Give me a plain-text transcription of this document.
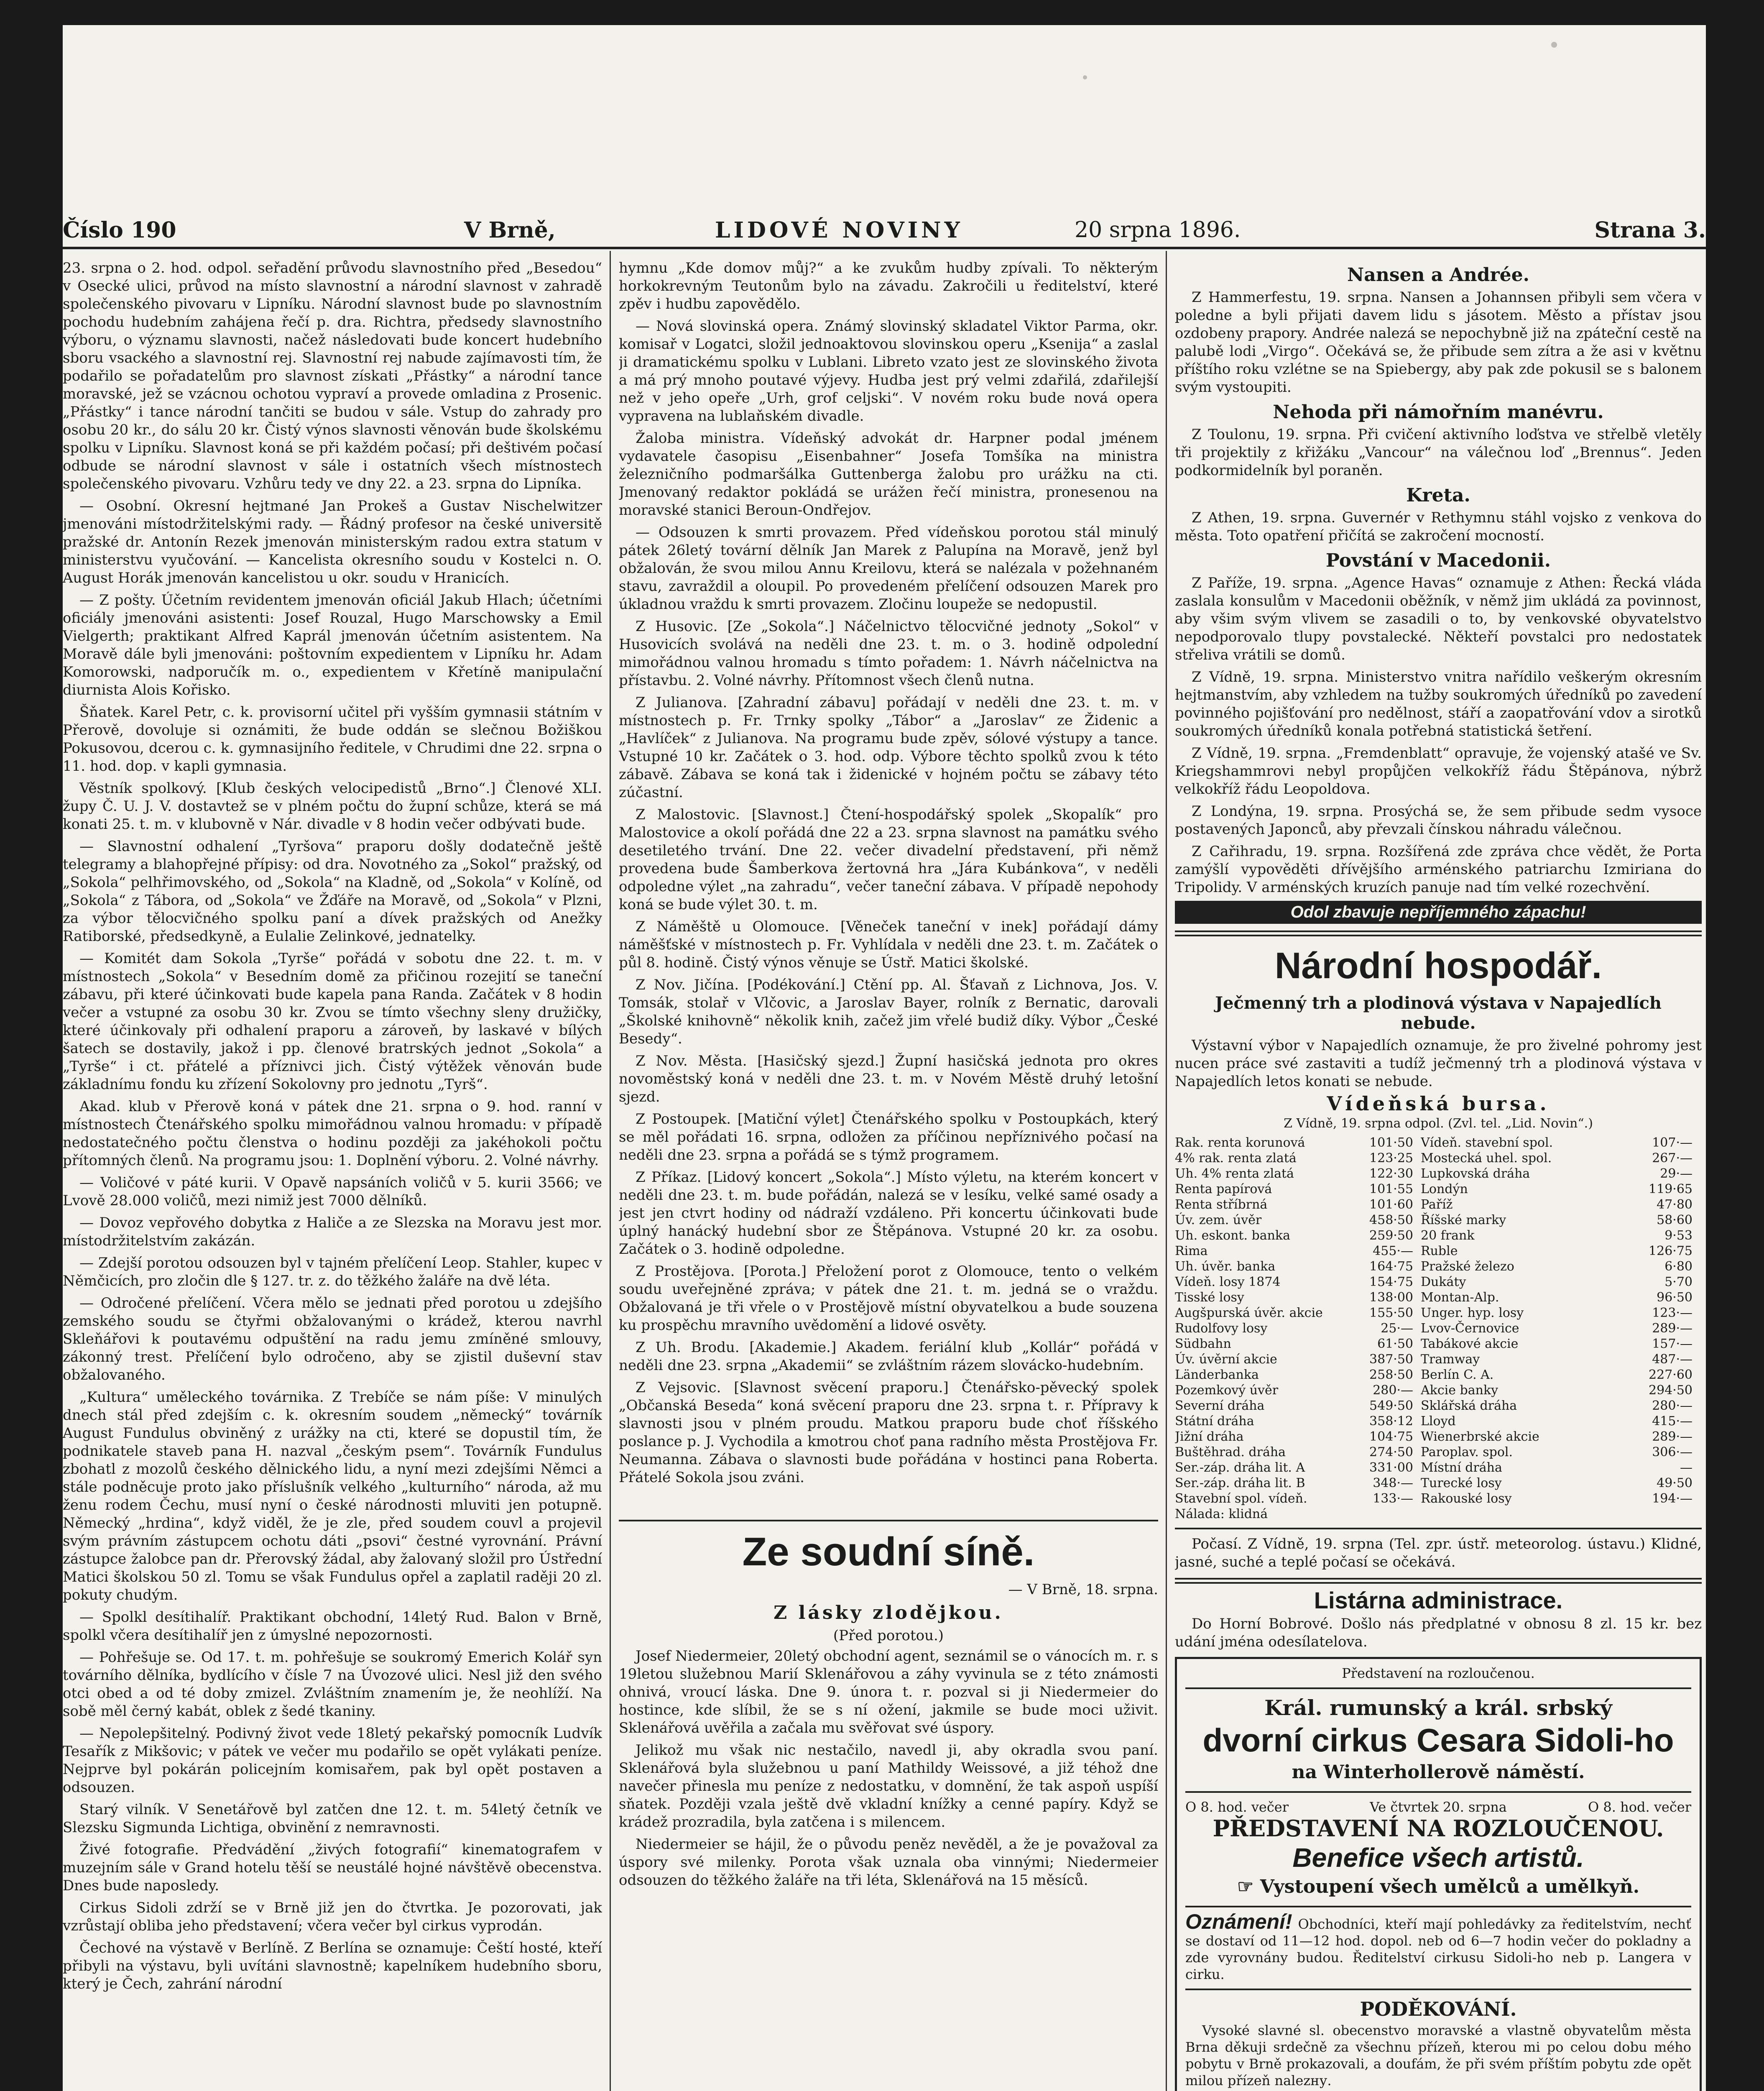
Číslo 190	V Brně,	LIDOVÉ NOVINY	20 srpna 1896.	Strana 3.

23. srpna o 2. hod. odpol. seřadění průvodu slavnostního před „Besedou“ v Osecké ulici, průvod na místo slavnostní a národní slavnost v zahradě společenského pivovaru v Lipníku. Národní slavnost bude po slavnostním pochodu hudebním zahájena řečí p. dra. Richtra, předsedy slavnostního výboru, o významu slavnosti, načež následovati bude koncert hudebního sboru vsackého a slavnostní rej. Slavnostní rej nabude zajímavosti tím, že podařilo se pořadatelům pro slavnost získati „Přástky“ a národní tance moravské, jež se vzácnou ochotou vypraví a provede omladina z Prosenic. „Přástky“ i tance národní tančiti se budou v sále. Vstup do zahrady pro osobu 20 kr., do sálu 20 kr. Čistý výnos slavnosti věnován bude školskému spolku v Lipníku. Slavnost koná se při každém počasí; při deštivém počasí odbude se národní slavnost v sále i ostatních všech místnostech společenského pivovaru. Vzhůru tedy ve dny 22. a 23. srpna do Lipníka.

— Osobní. Okresní hejtmané Jan Prokeš a Gustav Nischelwitzer jmenováni místodržitelskými rady. — Řádný profesor na české universitě pražské dr. Antonín Rezek jmenován ministerským radou extra statum v ministerstvu vyučování. — Kancelista okresního soudu v Kostelci n. O. August Horák jmenován kancelistou u okr. soudu v Hranicích.

— Z pošty. Účetním revidentem jmenován oficiál Jakub Hlach; účetními oficiály jmenováni asistenti: Josef Rouzal, Hugo Marschowsky a Emil Vielgerth; praktikant Alfred Kaprál jmenován účetním asistentem. Na Moravě dále byli jmenováni: poštovním expedientem v Lipníku hr. Adam Komorowski, nadporučík m. o., expedientem v Křetíně manipulační diurnista Alois Kořisko.

Šňatek. Karel Petr, c. k. provisorní učitel při vyšším gymnasii státním v Přerově, dovoluje si oznámiti, že bude oddán se slečnou Božiškou Pokusovou, dcerou c. k. gymnasijního ředitele, v Chrudimi dne 22. srpna o 11. hod. dop. v kapli gymnasia.

Věstník spolkový. [Klub českých velocipedistů „Brno“.] Členové XLI. župy Č. U. J. V. dostavtež se v plném počtu do župní schůze, která se má konati 25. t. m. v klubovně v Nár. divadle v 8 hodin večer odbývati bude.

— Slavnostní odhalení „Tyršova“ praporu došly dodatečně ještě telegramy a blahopřejné přípisy: od dra. Novotného za „Sokol“ pražský, od „Sokola“ pelhřimovského, od „Sokola“ na Kladně, od „Sokola“ v Kolíně, od „Sokola“ z Tábora, od „Sokola“ ve Žďáře na Moravě, od „Sokola“ v Plzni, za výbor tělocvičného spolku paní a dívek pražských od Anežky Ratiborské, předsedkyně, a Eulalie Zelinkové, jednatelky.

— Komitét dam Sokola „Tyrše“ pořádá v sobotu dne 22. t. m. v místnostech „Sokola“ v Besedním domě za přičinou rozejití se taneční zábavu, při které účinkovati bude kapela pana Randa. Začátek v 8 hodin večer a vstupné za osobu 30 kr. Zvou se tímto všechny sleny družičky, které účinkovaly při odhalení praporu a zároveň, by laskavé v bílých šatech se dostavily, jakož i pp. členové bratrských jednot „Sokola“ a „Tyrše“ i ct. přátelé a příznivci jich. Čistý výtěžek věnován bude základnímu fondu ku zřízení Sokolovny pro jednotu „Tyrš“.

Akad. klub v Přerově koná v pátek dne 21. srpna o 9. hod. ranní v místnostech Čtenářského spolku mimořádnou valnou hromadu: v případě nedostatečného počtu členstva o hodinu později za jakéhokoli počtu přítomných členů. Na programu jsou: 1. Doplnění výboru. 2. Volné návrhy.

— Voličové v páté kurii. V Opavě napsáních voličů v 5. kurii 3566; ve Lvově 28.000 voličů, mezi nimiž jest 7000 dělníků.

— Dovoz vepřového dobytka z Haliče a ze Slezska na Moravu jest mor. místodržitelstvím zakázán.

— Zdejší porotou odsouzen byl v tajném přelíčení Leop. Stahler, kupec v Němčicích, pro zločin dle § 127. tr. z. do těžkého žaláře na dvě léta.

— Odročené přelíčení. Včera mělo se jednati před porotou u zdejšího zemského soudu se čtyřmi obžalovanými o krádež, kterou navrhl Skleňářovi k poutavému odpuštění na radu jemu zmíněné smlouvy, zákonný trest. Přelíčení bylo odročeno, aby se zjistil duševní stav obžalovaného.

„Kultura“ uměleckého továrnika. Z Trebíče se nám píše: V minulých dnech stál před zdejším c. k. okresním soudem „německý“ továrník August Fundulus obviněný z urážky na cti, které se dopustil tím, že podnikatele staveb pana H. nazval „českým psem“. Továrník Fundulus zbohatl z mozolů českého dělnického lidu, a nyní mezi zdejšími Němci a stále podněcuje proto jako příslušník velkého „kulturního“ národa, až mu ženu rodem Čechu, musí nyní o české národnosti mluviti jen potupně. Německý „hrdina“, když viděl, že je zle, před soudem couvl a projevil svým právním zástupcem ochotu dáti „psovi“ čestné vyrovnání. Právní zástupce žalobce pan dr. Přerovský žádal, aby žalovaný složil pro Ústřední Matici školskou 50 zl. Tomu se však Fundulus opřel a zaplatil raději 20 zl. pokuty chudým.

— Spolkl desítihalíř. Praktikant obchodní, 14letý Rud. Balon v Brně, spolkl včera desítihalíř jen z úmyslné nepozornosti.

— Pohřešuje se. Od 17. t. m. pohřešuje se soukromý Emerich Kolář syn továrního dělníka, bydlícího v čísle 7 na Úvozové ulici. Nesl již den svého otci obed a od té doby zmizel. Zvláštním znamením je, že neohlíží. Na sobě měl černý kabát, oblek z šedé tkaniny.

— Nepolepšitelný. Podivný život vede 18letý pekařský pomocník Ludvík Tesařík z Mikšovic; v pátek ve večer mu podařilo se opět vylákati peníze. Nejprve byl pokárán policejním komisařem, pak byl opět postaven a odsouzen.

Starý vilník. V Senetářově byl zatčen dne 12. t. m. 54letý četník ve Slezsku Sigmunda Lichtiga, obvinění z nemravnosti.

Živé fotografie. Předvádění „živých fotografií“ kinematografem v muzejním sále v Grand hotelu těší se neustálé hojné návštěvě obecenstva. Dnes bude naposledy.

Cirkus Sidoli zdrží se v Brně již jen do čtvrtka. Je pozorovati, jak vzrůstají obliba jeho představení; včera večer byl cirkus vyprodán.

Čechové na výstavě v Berlíně. Z Berlína se oznamuje: Čeští hosté, kteří přibyli na výstavu, byli uvítáni slavnostně; kapelníkem hudebního sboru, který je Čech, zahrání národní

hymnu „Kde domov můj?“ a ke zvukům hudby zpívali. To některým horkokrevným Teutonům bylo na závadu. Zakročili u ředitelství, které zpěv i hudbu zapovědělo.

— Nová slovinská opera. Známý slovinský skladatel Viktor Parma, okr. komisař v Logatci, složil jednoaktovou slovinskou operu „Ksenija“ a zaslal ji dramatickému spolku v Lublani. Libreto vzato jest ze slovinského života a má prý mnoho poutavé výjevy. Hudba jest prý velmi zdařilá, zdařilejší než v jeho opeře „Urh, grof celjski“. V novém roku bude nová opera vypravena na lublaňském divadle.

Žaloba ministra. Vídeňský advokát dr. Harpner podal jménem vydavatele časopisu „Eisenbahner“ Josefa Tomšíka na ministra železničního podmaršálka Guttenberga žalobu pro urážku na cti. Jmenovaný redaktor pokládá se urážen řečí ministra, pronesenou na moravské stanici Beroun-Ondřejov.

— Odsouzen k smrti provazem. Před vídeňskou porotou stál minulý pátek 26letý tovární dělník Jan Marek z Palupína na Moravě, jenž byl obžalován, že svou milou Annu Kreilovu, která se nalézala v požehnaném stavu, zavraždil a oloupil. Po provedeném přelíčení odsouzen Marek pro úkladnou vraždu k smrti provazem. Zločinu loupeže se nedopustil.

Z Husovic. [Ze „Sokola“.] Náčelnictvo tělocvičné jednoty „Sokol“ v Husovicích svolává na neděli dne 23. t. m. o 3. hodině odpolední mimořádnou valnou hromadu s tímto pořadem: 1. Návrh náčelnictva na přístavbu. 2. Volné návrhy. Přítomnost všech členů nutna.

Z Julianova. [Zahradní zábavu] pořádají v neděli dne 23. t. m. v místnostech p. Fr. Trnky spolky „Tábor“ a „Jaroslav“ ze Židenic a „Havlíček“ z Julianova. Na programu bude zpěv, sólové výstupy a tance. Vstupné 10 kr. Začátek o 3. hod. odp. Výbore těchto spolků zvou k této zábavě. Zábava se koná tak i židenické v hojném počtu se zábavy této zúčastní.

Z Malostovic. [Slavnost.] Čtení-hospodářský spolek „Skopalík“ pro Malostovice a okolí pořádá dne 22 a 23. srpna slavnost na památku svého desetiletého trvání. Dne 22. večer divadelní představení, při němž provedena bude Šamberkova žertovná hra „Jára Kubánkova“, v neděli odpoledne výlet „na zahradu“, večer taneční zábava. V případě nepohody koná se bude výlet 30. t. m.

Z Náměště u Olomouce. [Věneček taneční v inek] pořádají dámy náměšťské v místnostech p. Fr. Vyhlídala v neděli dne 23. t. m. Začátek o půl 8. hodině. Čistý výnos věnuje se Ústř. Matici školské.

Z Nov. Jičína. [Podékování.] Ctění pp. Al. Šťavaň z Lichnova, Jos. V. Tomsák, stolař v Vlčovic, a Jaroslav Bayer, rolník z Bernatic, darovali „Školské knihovně“ několik knih, začež jim vřelé budiž díky. Výbor „České Besedy“.

Z Nov. Města. [Hasičský sjezd.] Župní hasičská jednota pro okres novoměstský koná v neděli dne 23. t. m. v Novém Městě druhý letošní sjezd.

Z Postoupek. [Matiční výlet] Čtenářského spolku v Postoupkách, který se měl pořádati 16. srpna, odložen za příčinou nepříznivého počasí na neděli dne 23. srpna a pořádá se s týmž programem.

Z Příkaz. [Lidový koncert „Sokola“.] Místo výletu, na kterém koncert v neděli dne 23. t. m. bude pořádán, nalezá se v lesíku, velké samé osady a jest jen ctvrt hodiny od nádraží vzdáleno. Při koncertu účinkovati bude úplný hanácký hudební sbor ze Štěpánova. Vstupné 20 kr. za osobu. Začátek o 3. hodině odpoledne.

Z Prostějova. [Porota.] Přeložení porot z Olomouce, tento o velkém soudu uveřejněné zpráva; v pátek dne 21. t. m. jedná se o vraždu. Obžalovaná je tři vřele o v Prostějově místní obyvatelkou a bude souzena ku prospěchu mravního uvědomění a lidové osvěty.

Z Uh. Brodu. [Akademie.] Akadem. feriální klub „Kollár“ pořádá v neděli dne 23. srpna „Akademii“ se zvláštním rázem slovácko-hudebním.

Z Vejsovic. [Slavnost svěcení praporu.] Čtenářsko-pěvecký spolek „Občanská Beseda“ koná svěcení praporu dne 23. srpna t. r. Přípravy k slavnosti jsou v plném proudu. Matkou praporu bude choť říšského poslance p. J. Vychodila a kmotrou choť pana radního města Prostějova Fr. Neumanna. Zábava o slavnosti bude pořádána v hostinci pana Roberta. Přátelé Sokola jsou zváni.

Ze soudní síně.
— V Brně, 18. srpna.
Z lásky zlodějkou.
(Před porotou.)

Josef Niedermeier, 20letý obchodní agent, seznámil se o vánocích m. r. s 19letou služebnou Marií Sklenářovou a záhy vyvinula se z této známosti ohnivá, vroucí láska. Dne 9. února t. r. pozval si ji Niedermeier do hostince, kde slíbil, že se s ní ožení, jakmile se bude moci uživit. Sklenářová uvěřila a začala mu svěřovat své úspory.

Jelikož mu však nic nestačilo, navedl ji, aby okradla svou paní. Sklenářová byla služebnou u paní Mathildy Weissové, a již téhož dne navečer přinesla mu peníze z nedostatku, v domnění, že tak aspoň uspíší sňatek. Později vzala ještě dvě vkladní knížky a cenné papíry. Když se krádež prozradila, byla zatčena i s milencem.

Niedermeier se hájil, že o původu peněz nevěděl, a že je považoval za úspory své milenky. Porota však uznala oba vinnými; Niedermeier odsouzen do těžkého žaláře na tři léta, Sklenářová na 15 měsíců.

Nansen a Andrée.

Z Hammerfestu, 19. srpna. Nansen a Johannsen přibyli sem včera v poledne a byli přijati davem lidu s jásotem. Město a přístav jsou ozdobeny prapory. Andrée nalezá se nepochybně již na zpáteční cestě na palubě lodi „Virgo“. Očekává se, že přibude sem zítra a že asi v květnu příštího roku vzlétne se na Spiebergy, aby pak zde pokusil se s balonem svým vystoupiti.

Nehoda při námořním manévru.

Z Toulonu, 19. srpna. Při cvičení aktivního loďstva ve střelbě vletěly tři projektily z křižáku „Vancour“ na válečnou loď „Brennus“. Jeden podkormidelník byl poraněn.

Kreta.

Z Athen, 19. srpna. Guvernér v Rethymnu stáhl vojsko z venkova do města. Toto opatření přičítá se zakročení mocností.

Povstání v Macedonii.

Z Paříže, 19. srpna. „Agence Havas“ oznamuje z Athen: Řecká vláda zaslala konsulům v Macedonii oběžník, v němž jim ukládá za povinnost, aby všim svým vlivem se zasadili o to, by venkovské obyvatelstvo nepodporovalo tlupy povstalecké. Někteří povstalci pro nedostatek střeliva vrátili se domů.

Z Vídně, 19. srpna. Ministerstvo vnitra nařídilo veškerým okresním hejtmanstvím, aby vzhledem na tužby soukromých úředníků po zavedení povinného pojišťování pro nedělnost, stáří a zaopatřování vdov a sirotků soukromých úředníků konala potřebná statistická šetření.

Z Vídně, 19. srpna. „Fremdenblatt“ opravuje, že vojenský atašé ve Sv. Kriegshammrovi nebyl propůjčen velkokříž řádu Štěpánova, nýbrž velkokříž řádu Leopoldova.

Z Londýna, 19. srpna. Prosýchá se, že sem přibude sedm vysoce postavených Japonců, aby převzali čínskou náhradu válečnou.

Z Cařihradu, 19. srpna. Rozšířená zde zpráva chce vědět, že Porta zamýšlí vypověděti dřívějšího arménského patriarchu Izmiriana do Tripolidy. V arménských kruzích panuje nad tím velké rozechvění.

Odol zbavuje nepříjemného zápachu!
Národní hospodář.
Ječmenný trh a plodinová výstava v Napajedlích nebude.

Výstavní výbor v Napajedlích oznamuje, že pro živelné pohromy jest nucen práce své zastaviti a tudíž ječmenný trh a plodinová výstava v Napajedlích letos konati se nebude.

Vídeňská bursa.
Z Vídně, 19. srpna odpol. (Zvl. tel. „Lid. Novin“.)
Rak. renta korunová	101·50 Vídeň. stavební spol.	107·—
4% rak. renta zlatá	123·25 Mostecká uhel. spol.	267·—
Uh. 4% renta zlatá	122·30 Lupkovská dráha	29·—
Renta papírová	101·55 Londýn	119·65
Renta stříbrná	101·60 Paříž	47·80
Úv. zem. úvěr	458·50 Říšské marky	58·60
Uh. eskont. banka	259·50 20 frank	9·53
Rima	455·— Ruble	126·75
Uh. úvěr. banka	164·75 Pražské železo	6·80
Vídeň. losy 1874	154·75 Dukáty	5·70
Tisské losy	138·00 Montan-Alp.	96·50
Augšpurská úvěr. akcie	155·50 Unger. hyp. losy	123·—
Rudolfovy losy	25·— Lvov-Černovice	289·—
Südbahn	61·50 Tabákové akcie	157·—
Úv. úvěrní akcie	387·50 Tramway	487·—
Länderbanka	258·50 Berlín C. A.	227·60
Pozemkový úvěr	280·— Akcie banky	294·50
Severní dráha	549·50 Sklářská dráha	280·—
Státní dráha	358·12 Lloyd	415·—
Jižní dráha	104·75 Wienerbrské akcie	289·—
Buštěhrad. dráha	274·50 Paroplav. spol.	306·—
Ser.-záp. dráha lit. A	331·00 Místní dráha	—
Ser.-záp. dráha lit. B	348·— Turecké losy	49·50
Stavební spol. vídeň.	133·— Rakouské losy	194·—
Náladа: klidná

Počasí. Z Vídně, 19. srpna (Tel. zpr. ústř. meteorolog. ústavu.) Klidné, jasné, suché a teplé počasí se očekává.

Listárna administrace.

Do Horní Bobrové. Došlo nás předplatné v obnosu 8 zl. 15 kr. bez udání jména odesílatelova.

Představení na rozloučenou.
Král. rumunský a král. srbský
dvorní cirkus Cesara Sidoli-ho
na Winterhollerově náměstí.
O 8. hod. večer	Ve čtvrtek 20. srpna	O 8. hod. večer
PŘEDSTAVENÍ NA ROZLOUČENOU.
Benefice všech artistů.
☞ Vystoupení všech umělců a umělkyň.

Oznámení! Obchodníci, kteří mají pohledávky za ředitelstvím, nechť se dostaví od 11—12 hod. dopol. neb od 6—7 hodin večer do pokladny a zde vyrovnány budou. Ředitelství cirkusu Sidoli-ho neb p. Langera v cirku.

PODĚKOVÁNÍ.

Vysoké slavné sl. obecenstvo moravské a vlastně obyvatelům města Brna děkuji srdečně za všechnu přízeň, kterou mi po celou dobu mého pobytu v Brně prokazovali, a doufám, že při svém příštím pobytu zde opět milou přízeň nalezну.
